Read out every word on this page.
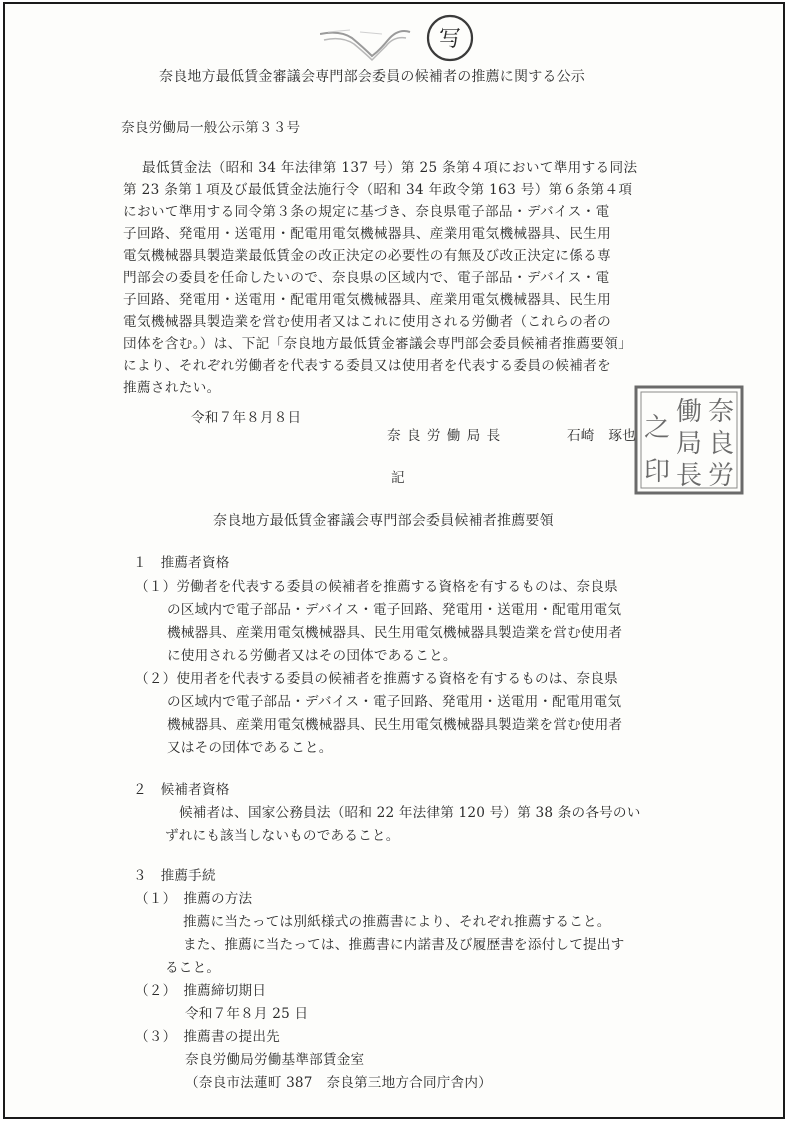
写
奈良地方最低賃金審議会専門部会委員の候補者の推薦に関する公示
奈良労働局一般公示第３３号
最低賃金法（昭和 34 年法律第 137 号）第 25 条第４項において準用する同法
第 23 条第１項及び最低賃金法施行令（昭和 34 年政令第 163 号）第６条第４項
において準用する同令第３条の規定に基づき、奈良県電子部品・デバイス・電
子回路、発電用・送電用・配電用電気機械器具、産業用電気機械器具、民生用
電気機械器具製造業最低賃金の改正決定の必要性の有無及び改正決定に係る専
門部会の委員を任命したいので、奈良県の区域内で、電子部品・デバイス・電
子回路、発電用・送電用・配電用電気機械器具、産業用電気機械器具、民生用
電気機械器具製造業を営む使用者又はこれに使用される労働者（これらの者の
団体を含む。）は、下記「奈良地方最低賃金審議会専門部会委員候補者推薦要領」
により、それぞれ労働者を代表する委員又は使用者を代表する委員の候補者を
推薦されたい。
令和７年８月８日
奈 良 労 働 局 長	石崎　琢也
奈
良
労
働
局
長
之
印
記
奈良地方最低賃金審議会専門部会委員候補者推薦要領
１　推薦者資格
（１）労働者を代表する委員の候補者を推薦する資格を有するものは、奈良県
の区域内で電子部品・デバイス・電子回路、発電用・送電用・配電用電気
機械器具、産業用電気機械器具、民生用電気機械器具製造業を営む使用者
に使用される労働者又はその団体であること。
（２）使用者を代表する委員の候補者を推薦する資格を有するものは、奈良県
の区域内で電子部品・デバイス・電子回路、発電用・送電用・配電用電気
機械器具、産業用電気機械器具、民生用電気機械器具製造業を営む使用者
又はその団体であること。
２　候補者資格
候補者は、国家公務員法（昭和 22 年法律第 120 号）第 38 条の各号のい
ずれにも該当しないものであること。
３　推薦手続
（１）　推薦の方法
推薦に当たっては別紙様式の推薦書により、それぞれ推薦すること。
また、推薦に当たっては、推薦書に内諾書及び履歴書を添付して提出す
ること。
（２）　推薦締切期日
令和７年８月 25 日
（３）　推薦書の提出先
奈良労働局労働基準部賃金室
（奈良市法蓮町 387　奈良第三地方合同庁舎内）
